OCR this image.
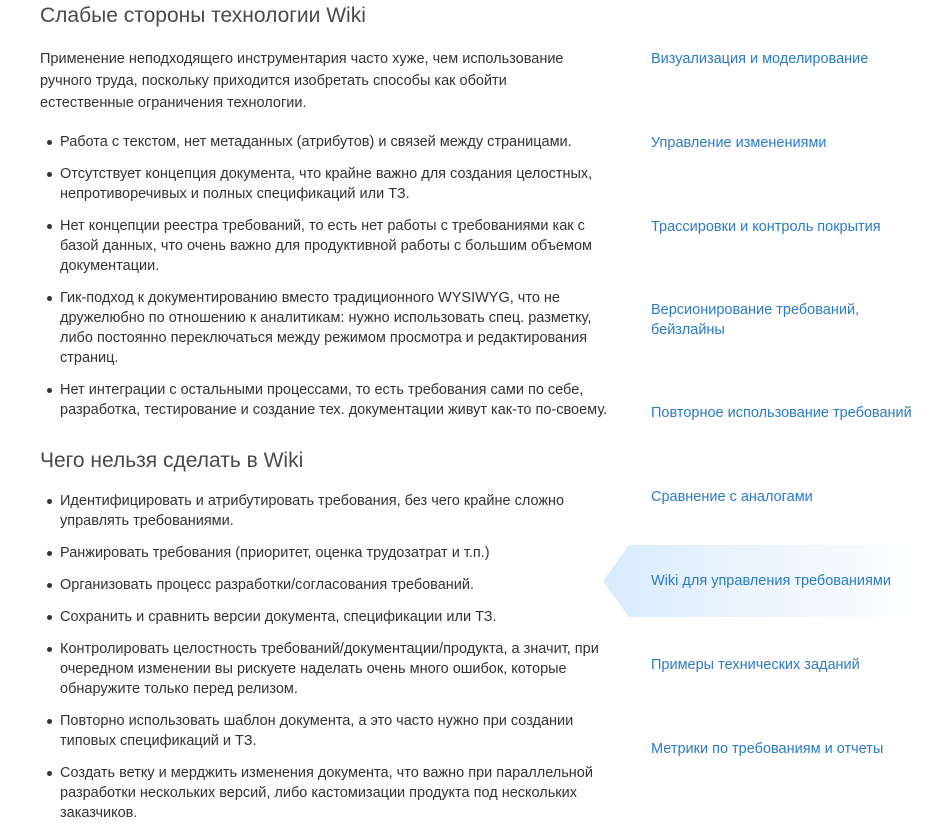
Слабые стороны технологии Wiki

Применение неподходящего инструментария часто хуже, чем использование ручного труда, поскольку приходится изобретать способы как обойти естественные ограничения технологии.

Работа с текстом, нет метаданных (атрибутов) и связей между страницами.
Отсутствует концепция документа, что крайне важно для создания целостных, непротиворечивых и полных спецификаций или ТЗ.
Нет концепции реестра требований, то есть нет работы с требованиями как с базой данных, что очень важно для продуктивной работы с большим объемом документации.
Гик-подход к документированию вместо традиционного WYSIWYG, что не дружелюбно по отношению к аналитикам: нужно использовать спец. разметку, либо постоянно переключаться между режимом просмотра и редактирования страниц.
Нет интеграции с остальными процессами, то есть требования сами по себе, разработка, тестирование и создание тех. документации живут как-то по-своему.
Чего нельзя сделать в Wiki
Идентифицировать и атрибутировать требования, без чего крайне сложно управлять требованиями.
Ранжировать требования (приоритет, оценка трудозатрат и т.п.)
Организовать процесс разработки/согласования требований.
Сохранить и сравнить версии документа, спецификации или ТЗ.
Контролировать целостность требований/документации/продукта, а значит, при очередном изменении вы рискуете наделать очень много ошибок, которые обнаружите только перед релизом.
Повторно использовать шаблон документа, а это часто нужно при создании типовых спецификаций и ТЗ.
Создать ветку и мерджить изменения документа, что важно при параллельной разработки нескольких версий, либо кастомизации продукта под нескольких заказчиков.
Визуализация и моделирование
Управление изменениями
Трассировки и контроль покрытия
Версионирование требований, бейзлайны
Повторное использование требований
Сравнение с аналогами
Wiki для управления требованиями
Примеры технических заданий
Метрики по требованиям и отчеты
